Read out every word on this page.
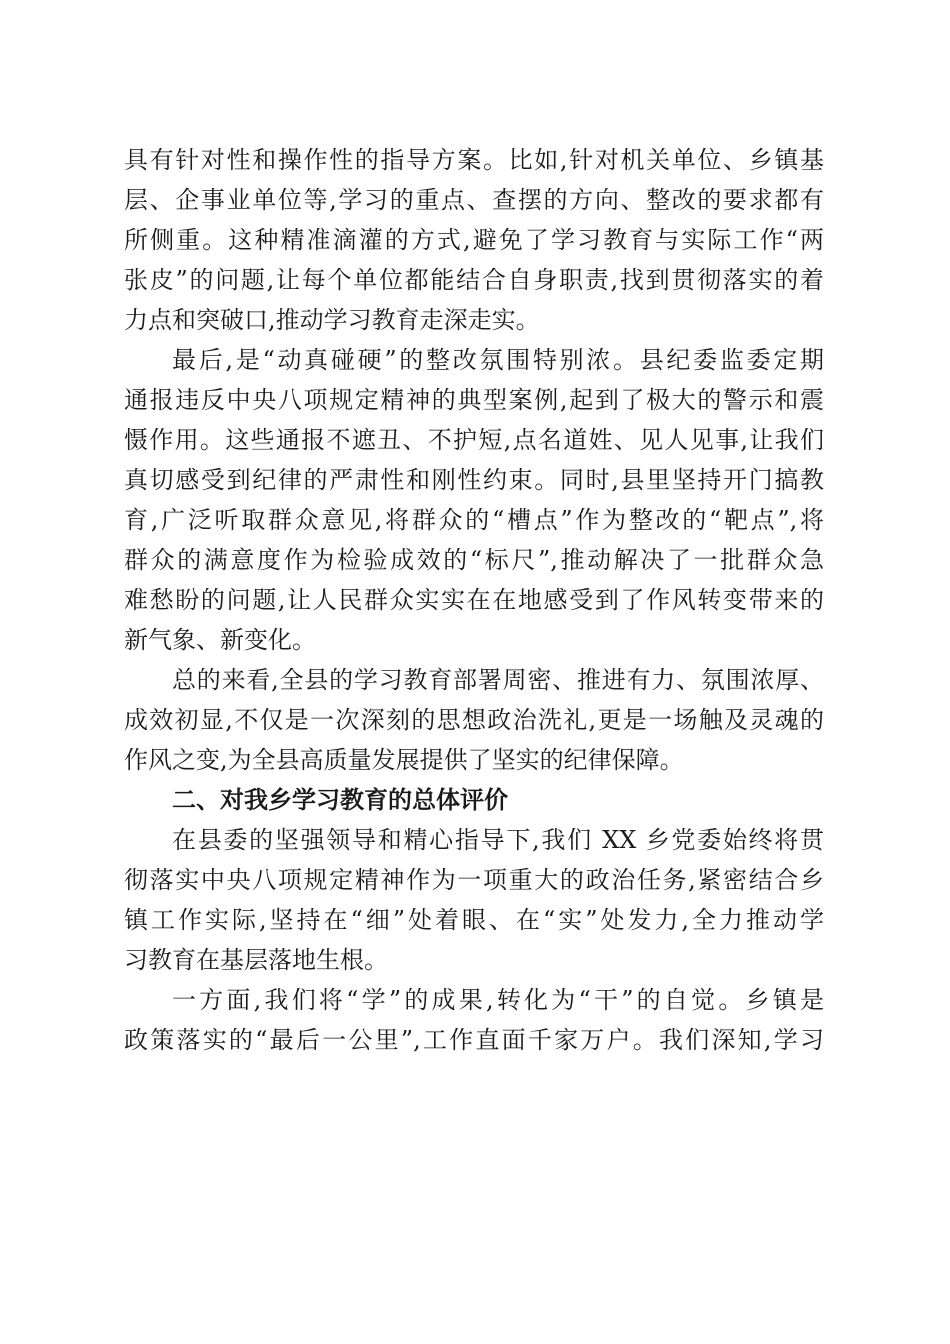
具有针对性和操作性的指导方案。比如,针对机关单位、乡镇基
层、企事业单位等,学习的重点、查摆的方向、整改的要求都有
所侧重。这种精准滴灌的方式,避免了学习教育与实际工作“两
张皮”的问题,让每个单位都能结合自身职责,找到贯彻落实的着
力点和突破口,推动学习教育走深走实。
最后,是“动真碰硬”的整改氛围特别浓。县纪委监委定期
通报违反中央八项规定精神的典型案例,起到了极大的警示和震
慑作用。这些通报不遮丑、不护短,点名道姓、见人见事,让我们
真切感受到纪律的严肃性和刚性约束。同时,县里坚持开门搞教
育,广泛听取群众意见,将群众的“槽点”作为整改的“靶点”,将
群众的满意度作为检验成效的“标尺”,推动解决了一批群众急
难愁盼的问题,让人民群众实实在在地感受到了作风转变带来的
新气象、新变化。
总的来看,全县的学习教育部署周密、推进有力、氛围浓厚、
成效初显,不仅是一次深刻的思想政治洗礼,更是一场触及灵魂的
作风之变,为全县高质量发展提供了坚实的纪律保障。
二、对我乡学习教育的总体评价
在县委的坚强领导和精心指导下,我们 XX 乡党委始终将贯
彻落实中央八项规定精神作为一项重大的政治任务,紧密结合乡
镇工作实际,坚持在“细”处着眼、在“实”处发力,全力推动学
习教育在基层落地生根。
一方面,我们将“学”的成果,转化为“干”的自觉。乡镇是
政策落实的“最后一公里”,工作直面千家万户。我们深知,学习
